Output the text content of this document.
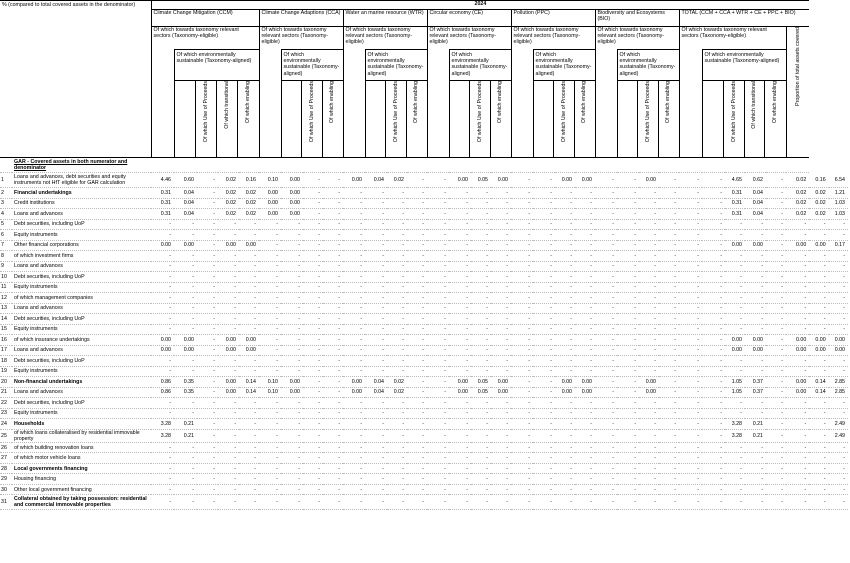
% (compared to total covered assets in the denominator)	2024
Climate Change Mitigation (CCM)	Climate Change Adaptions (CCA)	Water an marine resource (WTR)	Circular economy (CE)	Pollution (PPC)	Biodiversity and Ecosystems (BIO)	TOTAL (CCM + CCA + WTR + CE + PPC + BIO)
Of which towards taxonomy relevant sectors (Taxonomy-eligible)	Of which towards taxonomy relevant sectors (Taxonomy-eligible)	Of which towards taxonomy relevant sectors (Taxonomy-eligible)	Of which towards taxonomy relevant sectors (Taxonomy-eligible)	Of which towards taxonomy relevant sectors (Taxonomy-eligible)	Of which towards taxonomy relevant sectors (Taxonomy-eligible)	Of which towards taxonomy relevant sectors (Taxonomy-eligible)	Proportion of total assets covered

Of which environmentally sustainable (Taxonomy-aligned)

Of which Use of Proceeds	Of which transitional	Of which enabling

Of which environmentally sustainable (Taxonomy-aligned)

Of which Use of Proceeds	Of which enabling

Of which environmentally sustainable (Taxonomy-aligned)

Of which Use of Proceeds	Of which enabling

Of which environmentally sustainable (Taxonomy-aligned)

Of which Use of Proceeds	Of which enabling

Of which environmentally sustainable (Taxonomy-aligned)

Of which Use of Proceeds	Of which enabling

Of which environmentally sustainable (Taxonomy-aligned)

Of which Use of Proceeds	Of which enabling

Of which environmentally sustainable (Taxonomy-aligned)

Of which Use of Proceeds	Of which transitional	Of which enabling

	GAR - Covered assets in both numerator and denominator	
1	Loans and advances, debt securities and equity instruments not HfT eligible for GAR calculation	4.46	0.60	-	0.02	0.16	0.10	0.00	-	-	0.00	0.04	0.02	-	-	0.00	0.05	0.00	-	-	0.00	0.00	-	-	0.00	-	-	-	4.65	0.62	-	0.02	0.16	6.54
2	Financial undertakings	0.31	0.04	-	0.02	0.02	0.00	0.00	-	-	-	-	-	-	-	-	-	-	-	-	-	-	-	-	-	-	-	-	0.31	0.04	-	0.02	0.02	1.21
3	Credit institutions	0.31	0.04	-	0.02	0.02	0.00	0.00	-	-	-	-	-	-	-	-	-	-	-	-	-	-	-	-	-	-	-	-	0.31	0.04	-	0.02	0.02	1.03
4	Loans and advances	0.31	0.04	-	0.02	0.02	0.00	0.00	-	-	-	-	-	-	-	-	-	-	-	-	-	-	-	-	-	-	-	-	0.31	0.04	-	0.02	0.02	1.03
5	Debt securities, including UoP	-	-	-	-	-	-	-	-	-	-	-	-	-	-	-	-	-	-	-	-	-	-	-	-	-	-	-	-	-	-	-	-	-
6	Equity instruments	-	-	-	-	-	-	-	-	-	-	-	-	-	-	-	-	-	-	-	-	-	-	-	-	-	-	-	-	-	-	-	-	-
7	Other financial corporations	0.00	0.00	-	0.00	0.00	-	-	-	-	-	-	-	-	-	-	-	-	-	-	-	-	-	-	-	-	-	-	0.00	0.00	-	0.00	0.00	0.17
8	of which investment firms	-	-	-	-	-	-	-	-	-	-	-	-	-	-	-	-	-	-	-	-	-	-	-	-	-	-	-	-	-	-	-	-	-
9	Loans and advances	-	-	-	-	-	-	-	-	-	-	-	-	-	-	-	-	-	-	-	-	-	-	-	-	-	-	-	-	-	-	-	-	-
10	Debt securities, including UoP	-	-	-	-	-	-	-	-	-	-	-	-	-	-	-	-	-	-	-	-	-	-	-	-	-	-	-	-	-	-	-	-	-
11	Equity instruments	-	-	-	-	-	-	-	-	-	-	-	-	-	-	-	-	-	-	-	-	-	-	-	-	-	-	-	-	-	-	-	-	-
12	of which management companies	-	-	-	-	-	-	-	-	-	-	-	-	-	-	-	-	-	-	-	-	-	-	-	-	-	-	-	-	-	-	-	-	-
13	Loans and advances	-	-	-	-	-	-	-	-	-	-	-	-	-	-	-	-	-	-	-	-	-	-	-	-	-	-	-	-	-	-	-	-	-
14	Debt securities, including UoP	-	-	-	-	-	-	-	-	-	-	-	-	-	-	-	-	-	-	-	-	-	-	-	-	-	-	-	-	-	-	-	-	-
15	Equity instruments	-	-	-	-	-	-	-	-	-	-	-	-	-	-	-	-	-	-	-	-	-	-	-	-	-	-	-	-	-	-	-	-	-
16	of which insurance undertakings	0.00	0.00	-	0.00	0.00	-	-	-	-	-	-	-	-	-	-	-	-	-	-	-	-	-	-	-	-	-	-	0.00	0.00	-	0.00	0.00	0.00
17	Loans and advances	0.00	0.00	-	0.00	0.00	-	-	-	-	-	-	-	-	-	-	-	-	-	-	-	-	-	-	-	-	-	-	0.00	0.00	-	0.00	0.00	0.00
18	Debt securities, including UoP	-	-	-	-	-	-	-	-	-	-	-	-	-	-	-	-	-	-	-	-	-	-	-	-	-	-	-	-	-	-	-	-	-
19	Equity instruments	-	-	-	-	-	-	-	-	-	-	-	-	-	-	-	-	-	-	-	-	-	-	-	-	-	-	-	-	-	-	-	-	-
20	Non-financial undertakings	0.86	0.35	-	0.00	0.14	0.10	0.00	-	-	0.00	0.04	0.02	-	-	0.00	0.05	0.00	-	-	0.00	0.00	-	-	0.00	-	-	-	1.05	0.37	-	0.00	0.14	2.85
21	Loans and advances	0.86	0.35	-	0.00	0.14	0.10	0.00	-	-	0.00	0.04	0.02	-	-	0.00	0.05	0.00	-	-	0.00	0.00	-	-	0.00	-	-	-	1.05	0.37	-	0.00	0.14	2.85
22	Debt securities, including UoP	-	-	-	-	-	-	-	-	-	-	-	-	-	-	-	-	-	-	-	-	-	-	-	-	-	-	-	-	-	-	-	-	-
23	Equity instruments	-	-	-	-	-	-	-	-	-	-	-	-	-	-	-	-	-	-	-	-	-	-	-	-	-	-	-	-	-	-	-	-	-
24	Households	3.28	0.21	-	-	-	-	-	-	-	-	-	-	-	-	-	-	-	-	-	-	-	-	-	-	-	-	-	3.28	0.21	-	-	-	2.49
25	of which loans collateralised by residential immovable property	3.28	0.21	-	-	-	-	-	-	-	-	-	-	-	-	-	-	-	-	-	-	-	-	-	-	-	-	-	3.28	0.21	-	-	-	2.49
26	of which building renovation loans	-	-	-	-	-	-	-	-	-	-	-	-	-	-	-	-	-	-	-	-	-	-	-	-	-	-	-	-	-	-	-	-	-
27	of which motor vehicle loans	-	-	-	-	-	-	-	-	-	-	-	-	-	-	-	-	-	-	-	-	-	-	-	-	-	-	-	-	-	-	-	-	-
28	Local governments financing	-	-	-	-	-	-	-	-	-	-	-	-	-	-	-	-	-	-	-	-	-	-	-	-	-	-	-	-	-	-	-	-	-
29	Housing financing	-	-	-	-	-	-	-	-	-	-	-	-	-	-	-	-	-	-	-	-	-	-	-	-	-	-	-	-	-	-	-	-	-
30	Other local government financing	-	-	-	-	-	-	-	-	-	-	-	-	-	-	-	-	-	-	-	-	-	-	-	-	-	-	-	-	-	-	-	-	-
31	Collateral obtained by taking possession: residential and commercial immovable properties	-	-	-	-	-	-	-	-	-	-	-	-	-	-	-	-	-	-	-	-	-	-	-	-	-	-	-	-	-	-	-	-	-
